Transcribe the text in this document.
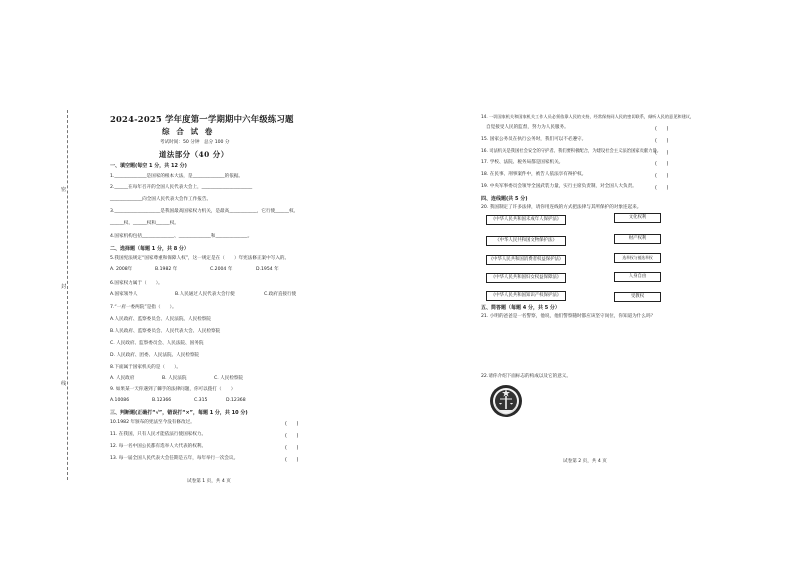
密
封
线
2024-2025 学年度第一学期期中六年级练习题
综 合 试 卷
考试时间：50 分钟　总分 100 分
道法部分（40 分）
一、填空题(每空 1 分，共 12 分)
1.______________是国家的根本大法，是______________的依据。
2.______在每年召开的全国人民代表大会上，______________________
______________向全国人民代表大会作工作报告。
3.____________________是我国最高国家权力机关，是最高____________，它行使______权、
______权、______权和______权。
4.国家机构包括______________、______________和______________。
二、选择题（每题 1 分，共 8 分）
5.我国宪法规定“国家尊重和保障人权”，这一规定是在（　　）年宪法修正案中写入的。
A. 2008年	B.1982 年	C.2004 年	D.1954 年
6.国家权力属于（　　）。
A.国家领导人	B.人民通过人民代表大会行使	C.政府直接行使
7.“一府一委两院”是指（　　）。
A.人民政府、监察委员会、人民法院、人民检察院
B.人民政府、监察委员会、人民代表大会、人民检察院
C. 人民政府、监察委员会、人民法院、国务院
D. 人民政府、团委、人民法院、人民检察院
8.下面属于国家机关的是（　　）。
A. 人民政府	B. 人民法院	C. 人民检察院
9. 如果某一天你遇到了棘手的法律问题，你可以拨打（　　）
A.10086	B.12366	C.315	D.12368
三、判断题(正确打“√”，错误打“×”，每题 1 分，共 10 分)
10.1982 年颁布的宪法至今没有修改过。	(　　)
11. 在我国，只有人民才能依法行使国家权力。	(　　)
12. 每一名中国公民都有选举人大代表的权利。	(　　)
13. 每一届全国人民代表大会任期是五年，每年举行一次会议。	(　　)
试卷第 1 页，共 4 页
14. 一切国家机关和国家机关工作人员必须依靠人民的支持，经常保持同人民的密切联系，倾听人民的意见和建议，
自觉接受人民的监督，努力为人民服务。	(　　)
15. 国家公务员在执行公务时，我们可以不必遵守。	(　　)
16. 司法机关是我国社会安全的守护者。我们要积极配合，为建设社会主义法治国家贡献力量。
(　　)
17. 学校、法院、税务局都是国家机关。	(　　)
18. 在民事、刑事案件中，被告人依法享有辩护权。	(　　)
19. 中央军事委员会领导全国武装力量，实行主席负责制，对全国人大负责。	(　　)
四、连线题(共 5 分)
20. 我国制定了许多法律，请你用连线的方式把法律与其所保护的对象连起来。
《中华人民共和国未成年人保护法》
《中华人民共和国文物保护法》
《中华人民共和国消费者权益保护法》
《中华人民共和国妇女权益保障法》
《中华人民共和国知识产权保护法》
文化权利
财产权利
选举权与被选举权
人身自由
受教权
五、简答题（每题 4 分，共 5 分）
21. 小明的爸爸是一名警察，他说，他们警察随时都应该坚守岗位，你知道为什么吗？
22.请你介绍下面标志的构成以及它的意义。
试卷第 2 页，共 4 页
